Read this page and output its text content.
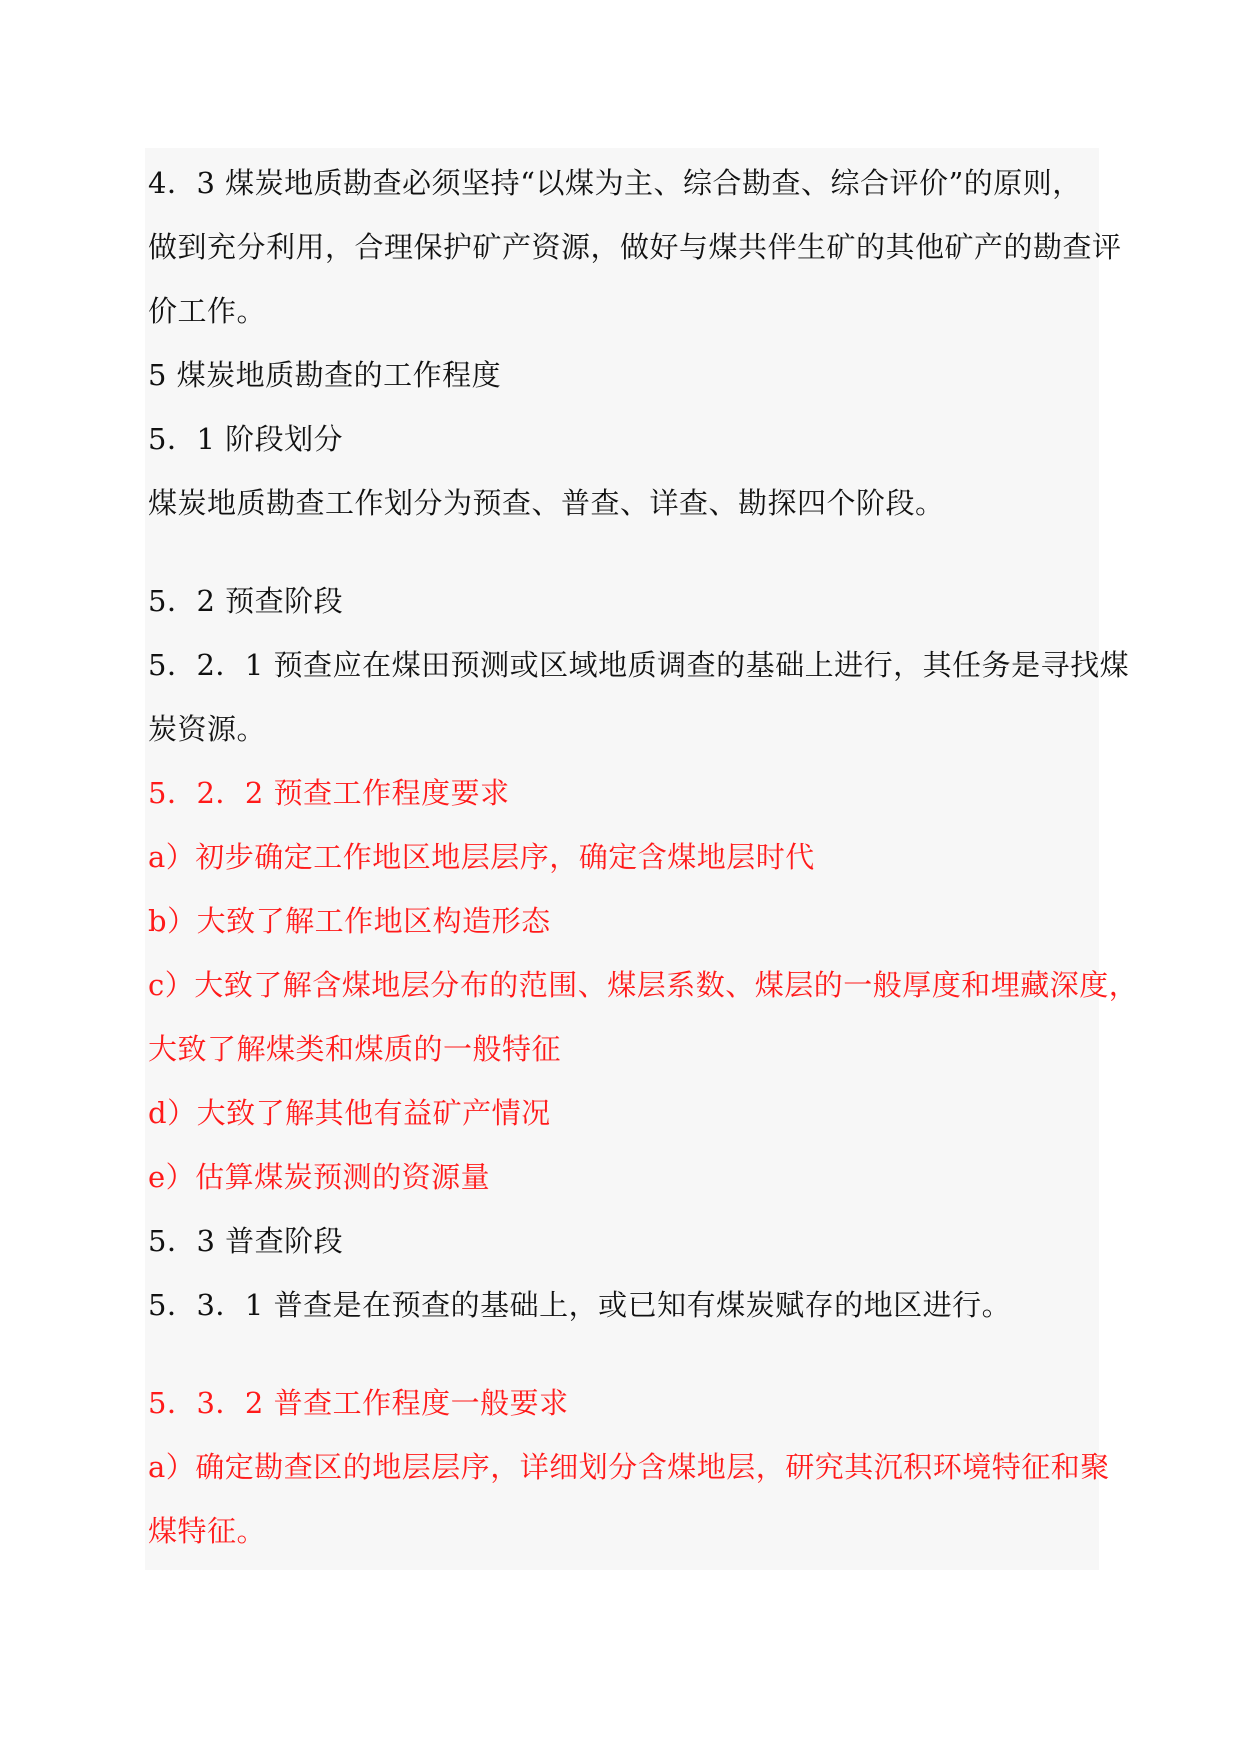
4．3 煤炭地质勘查必须坚持“以煤为主、综合勘查、综合评价”的原则，

做到充分利用，合理保护矿产资源，做好与煤共伴生矿的其他矿产的勘查评

价工作。

5 煤炭地质勘查的工作程度

5．1 阶段划分

煤炭地质勘查工作划分为预查、普查、详查、勘探四个阶段。

5．2 预查阶段

5．2．1 预查应在煤田预测或区域地质调查的基础上进行，其任务是寻找煤

炭资源。

5．2．2 预查工作程度要求

a）初步确定工作地区地层层序，确定含煤地层时代

b）大致了解工作地区构造形态

c）大致了解含煤地层分布的范围、煤层系数、煤层的一般厚度和埋藏深度，

大致了解煤类和煤质的一般特征

d）大致了解其他有益矿产情况

e）估算煤炭预测的资源量

5．3 普查阶段

5．3．1 普查是在预查的基础上，或已知有煤炭赋存的地区进行。

5．3．2 普查工作程度一般要求

a）确定勘查区的地层层序，详细划分含煤地层，研究其沉积环境特征和聚

煤特征。
